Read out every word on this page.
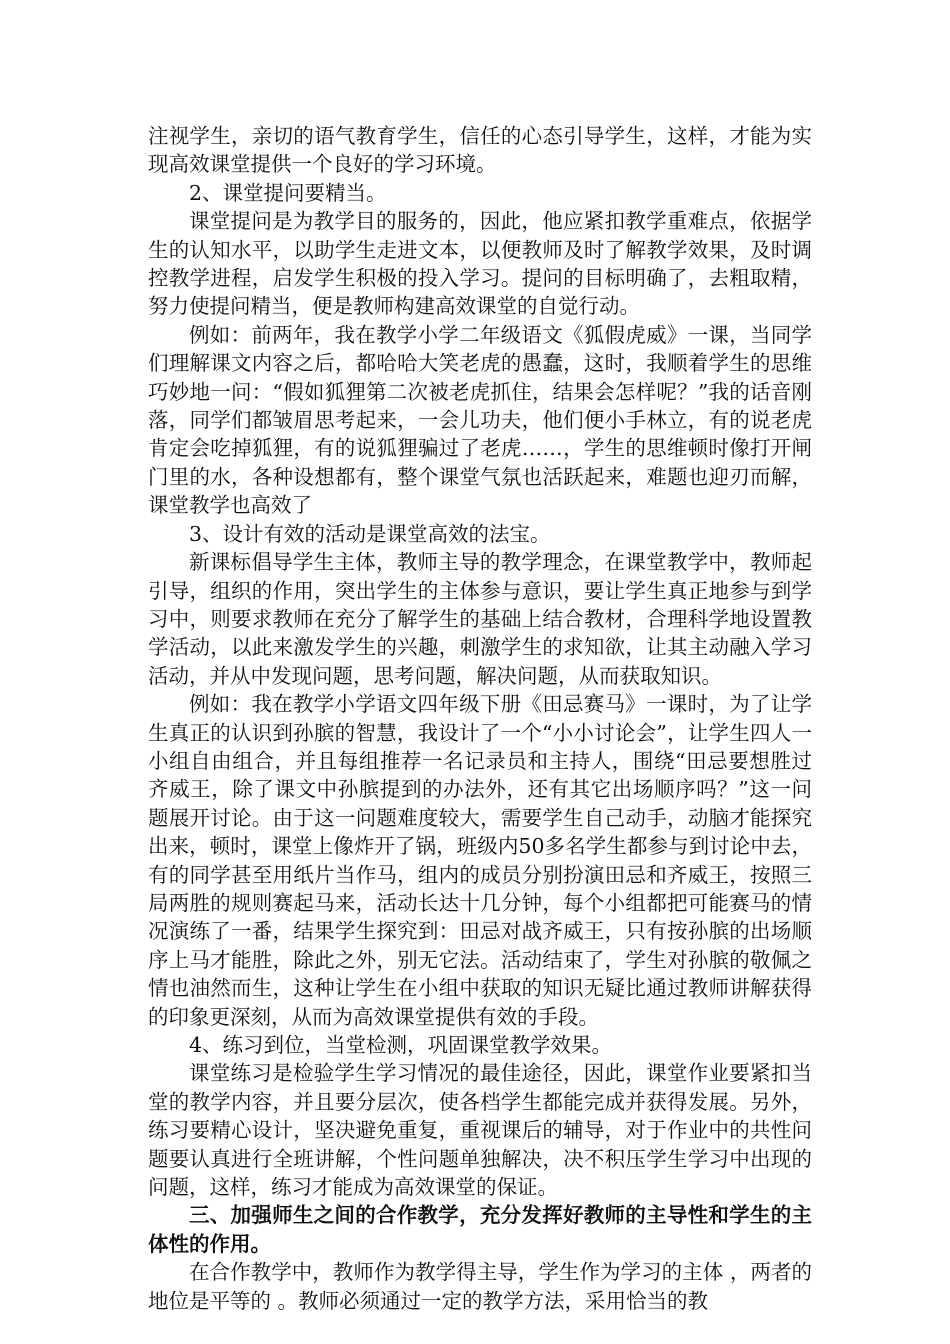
注视学生，亲切的语气教育学生，信任的心态引导学生，这样，才能为实现高效课堂提供一个良好的学习环境。

2、课堂提问要精当。

课堂提问是为教学目的服务的，因此，他应紧扣教学重难点，依据学生的认知水平，以助学生走进文本，以便教师及时了解教学效果，及时调控教学进程，启发学生积极的投入学习。提问的目标明确了，去粗取精，努力使提问精当，便是教师构建高效课堂的自觉行动。

例如：前两年，我在教学小学二年级语文《狐假虎威》一课，当同学们理解课文内容之后，都哈哈大笑老虎的愚蠢，这时，我顺着学生的思维巧妙地一问：“假如狐狸第二次被老虎抓住，结果会怎样呢？”我的话音刚落，同学们都皱眉思考起来，一会儿功夫，他们便小手林立，有的说老虎肯定会吃掉狐狸，有的说狐狸骗过了老虎……，学生的思维顿时像打开闸门里的水，各种设想都有，整个课堂气氛也活跃起来，难题也迎刃而解，课堂教学也高效了

3、设计有效的活动是课堂高效的法宝。

新课标倡导学生主体，教师主导的教学理念，在课堂教学中，教师起引导，组织的作用，突出学生的主体参与意识，要让学生真正地参与到学习中，则要求教师在充分了解学生的基础上结合教材，合理科学地设置教学活动，以此来激发学生的兴趣，刺激学生的求知欲，让其主动融入学习活动，并从中发现问题，思考问题，解决问题，从而获取知识。

例如：我在教学小学语文四年级下册《田忌赛马》一课时，为了让学生真正的认识到孙膑的智慧，我设计了一个“小小讨论会”，让学生四人一小组自由组合，并且每组推荐一名记录员和主持人，围绕“田忌要想胜过齐威王，除了课文中孙膑提到的办法外，还有其它出场顺序吗？”这一问题展开讨论。由于这一问题难度较大，需要学生自己动手，动脑才能探究出来，顿时，课堂上像炸开了锅，班级内50多名学生都参与到讨论中去，有的同学甚至用纸片当作马，组内的成员分别扮演田忌和齐威王，按照三局两胜的规则赛起马来，活动长达十几分钟，每个小组都把可能赛马的情况演练了一番，结果学生探究到：田忌对战齐威王，只有按孙膑的出场顺序上马才能胜，除此之外，别无它法。活动结束了，学生对孙膑的敬佩之情也油然而生，这种让学生在小组中获取的知识无疑比通过教师讲解获得的印象更深刻，从而为高效课堂提供有效的手段。

4、练习到位，当堂检测，巩固课堂教学效果。

课堂练习是检验学生学习情况的最佳途径，因此，课堂作业要紧扣当堂的教学内容，并且要分层次，使各档学生都能完成并获得发展。另外，练习要精心设计，坚决避免重复，重视课后的辅导，对于作业中的共性问题要认真进行全班讲解，个性问题单独解决，决不积压学生学习中出现的问题，这样，练习才能成为高效课堂的保证。

三、加强师生之间的合作教学，充分发挥好教师的主导性和学生的主体性的作用。

在合作教学中，教师作为教学得主导，学生作为学习的主体 ，两者的地位是平等的 。教师必须通过一定的教学方法，采用恰当的教
